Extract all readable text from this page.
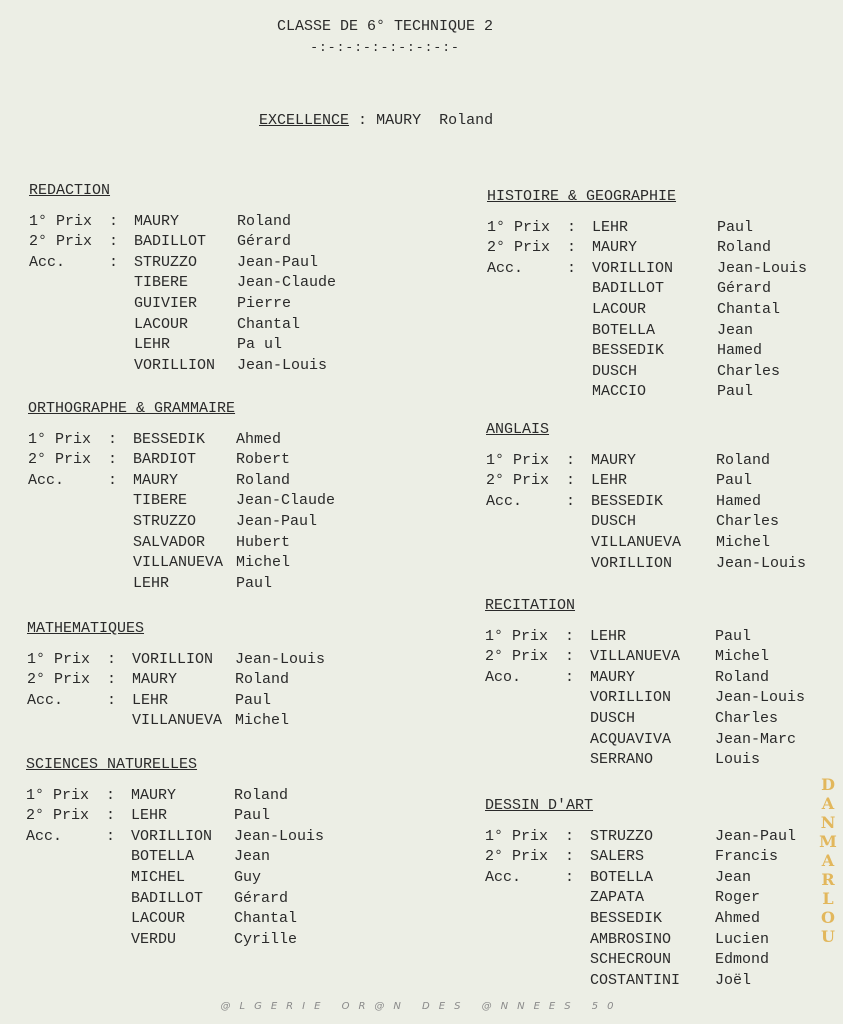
CLASSE DE 6° TECHNIQUE 2
-:-:-:-:-:-:-:-:-
EXCELLENCE : MAURY  Roland
REDACTION
1° Prix	:	MAURY	Roland
2° Prix	:	BADILLOT	Gérard
Acc.	:	STRUZZO	Jean-Paul
TIBERE	Jean-Claude
GUIVIER	Pierre
LACOUR	Chantal
LEHR	Pa ul
VORILLION	Jean-Louis
ORTHOGRAPHE & GRAMMAIRE
1° Prix	:	BESSEDIK	Ahmed
2° Prix	:	BARDIOT	Robert
Acc.	:	MAURY	Roland
TIBERE	Jean-Claude
STRUZZO	Jean-Paul
SALVADOR	Hubert
VILLANUEVA Michel
LEHR	Paul
MATHEMATIQUES
1° Prix	:	VORILLION	Jean-Louis
2° Prix	:	MAURY	Roland
Acc.	:	LEHR	Paul
VILLANUEVA Michel
SCIENCES NATURELLES
1° Prix	:	MAURY	Roland
2° Prix	:	LEHR	Paul
Acc.	:	VORILLION	Jean-Louis
BOTELLA	Jean
MICHEL	Guy
BADILLOT	Gérard
LACOUR	Chantal
VERDU	Cyrille
HISTOIRE & GEOGRAPHIE
1° Prix	:	LEHR	Paul
2° Prix	:	MAURY	Roland
Acc.	:	VORILLION	Jean-Louis
BADILLOT	Gérard
LACOUR	Chantal
BOTELLA	Jean
BESSEDIK	Hamed
DUSCH	Charles
MACCIO	Paul
ANGLAIS
1° Prix	:	MAURY	Roland
2° Prix	:	LEHR	Paul
Acc.	:	BESSEDIK	Hamed
DUSCH	Charles
VILLANUEVA	Michel
VORILLION	Jean-Louis
RECITATION
1° Prix	:	LEHR	Paul
2° Prix	:	VILLANUEVA	Michel
Aco.	:	MAURY	Roland
VORILLION	Jean-Louis
DUSCH	Charles
ACQUAVIVA	Jean-Marc
SERRANO	Louis
DESSIN D'ART
1° Prix	:	STRUZZO	Jean-Paul
2° Prix	:	SALERS	Francis
Acc.	:	BOTELLA	Jean
ZAPATA	Roger
BESSEDIK	Ahmed
AMBROSINO	Lucien
SCHECROUN	Edmond
COSTANTINI	Joël
@LGERIE OR@N DES @NNEES 50
DANMARLOU
